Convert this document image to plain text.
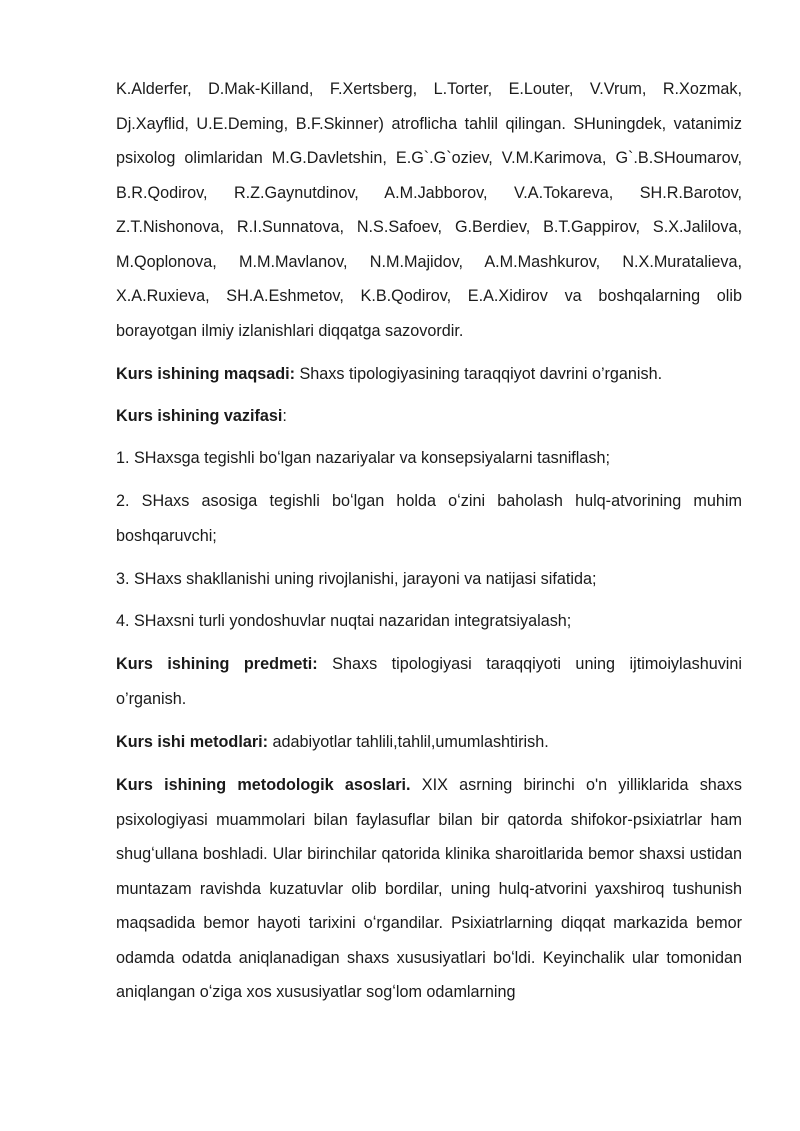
K.Alderfer, D.Mak-Killand, F.Xertsberg, L.Torter, E.Louter, V.Vrum, R.Xozmak, Dj.Xayflid, U.E.Deming, B.F.Skinner) atroflicha tahlil qilingan. SHuningdek, vatanimiz psixolog olimlaridan M.G.Davletshin, E.G`.G`oziev, V.M.Karimova, G`.B.SHoumarov, B.R.Qodirov, R.Z.Gaynutdinov, A.M.Jabborov, V.A.Tokareva, SH.R.Barotov, Z.T.Nishonova, R.I.Sunnatova, N.S.Safoev, G.Berdiev, B.T.Gappirov, S.X.Jalilova, M.Qoplonova, M.M.Mavlanov, N.M.Majidov, A.M.Mashkurov, N.X.Muratalieva, X.A.Ruxieva, SH.A.Eshmetov, K.B.Qodirov, E.A.Xidirov va boshqalarning olib borayotgan ilmiy izlanishlari diqqatga sazovordir.

Kurs ishining maqsadi: Shaxs tipologiyasining taraqqiyot davrini o’rganish.

Kurs ishining vazifasi:

1. SHaxsga tegishli boʻlgan nazariyalar va konsepsiyalarni tasniflash;

2. SHaxs asosiga tegishli boʻlgan holda oʻzini baholash hulq-atvorining muhim boshqaruvchi;

3. SHaxs shakllanishi uning rivojlanishi, jarayoni va natijasi sifatida;

4. SHaxsni turli yondoshuvlar nuqtai nazaridan integratsiyalash;

Kurs ishining predmeti: Shaxs tipologiyasi taraqqiyoti uning ijtimoiylashuvini o’rganish.

Kurs ishi metodlari: adabiyotlar tahlili,tahlil,umumlashtirish.

Kurs ishining metodologik asoslari. XIX asrning birinchi o'n yilliklarida shaxs psixologiyasi muammolari bilan faylasuflar bilan bir qatorda shifokor-psixiatrlar ham shugʻullana boshladi. Ular birinchilar qatorida klinika sharoitlarida bemor shaxsi ustidan muntazam ravishda kuzatuvlar olib bordilar, uning hulq-atvorini yaxshiroq tushunish maqsadida bemor hayoti tarixini oʻrgandilar. Psixiatrlarning diqqat markazida bemor odamda odatda aniqlanadigan shaxs xususiyatlari boʻldi. Keyinchalik ular tomonidan aniqlangan oʻziga xos xususiyatlar sogʻlom odamlarning
